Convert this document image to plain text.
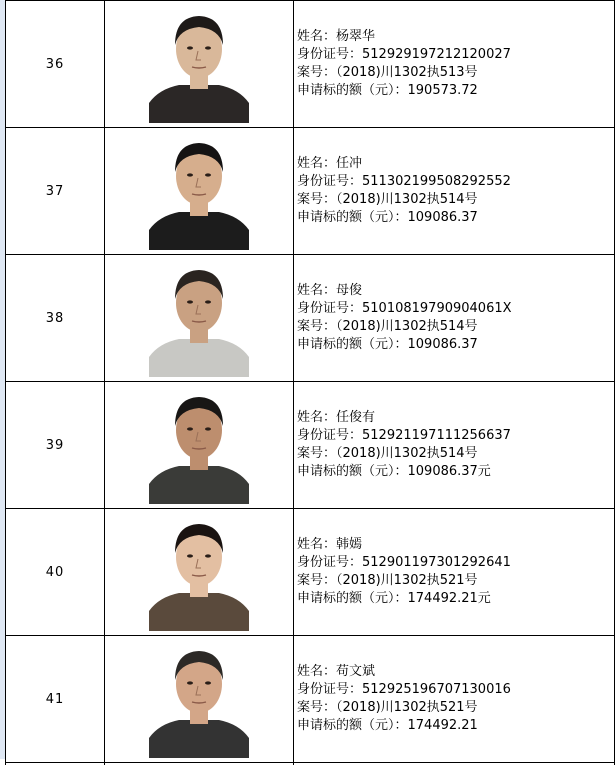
36		姓名：杨翠华
身份证号：512929197212120027
案号：（2018)川1302执513号
申请标的额（元）：190573.72

37		姓名：任冲
身份证号：511302199508292552
案号：（2018)川1302执514号
申请标的额（元）：109086.37

38		姓名：母俊
身份证号：51010819790904061X
案号：（2018)川1302执514号
申请标的额（元）：109086.37

39		姓名：任俊有
身份证号：512921197111256637
案号：（2018)川1302执514号
申请标的额（元）：109086.37元

40		姓名：韩嫣
身份证号：512901197301292641
案号：（2018)川1302执521号
申请标的额（元）：174492.21元

41		姓名：苟文斌
身份证号：512925196707130016
案号：（2018)川1302执521号
申请标的额（元）：174492.21
